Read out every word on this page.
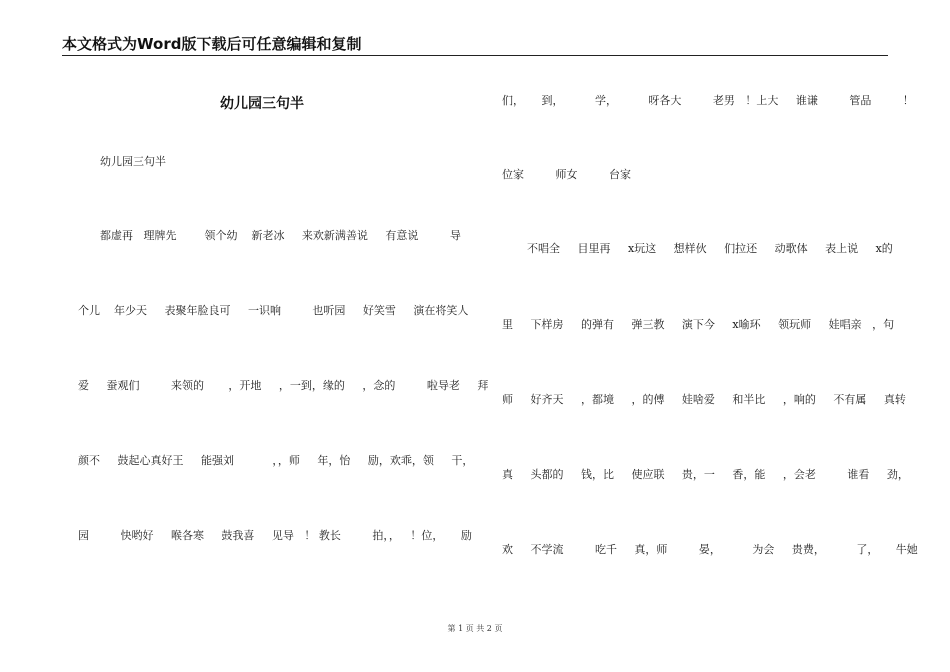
本文格式为Word版下载后可任意编辑和复制
幼儿园三句半
幼儿园三句半
都虚再   理牌先        领个幼    新老冰     来欢新满善说     有意说         导
个儿    年少天     表聚年脸良可     一识响         也听园     好笑雪     演在将笑人
爱     蚕观们         来领的       ，开地     ，一到，缘的     ，念的         啦导老     拜
颜不     鼓起心真好王     能强刘           ，，师     年，怡     励，欢乖，领     干，
园         快哟好     喉各寒     鼓我喜     见导   ！ 教长         拍，，   ！位，     励
们，     到，         学，         呀各大         老男   ！上大     谁谦         管品         ！
位家         师女         台家
不唱全     目里再     x玩这     想样伙     们拉还     动歌体     表上说     x的
里     下样房     的弹有     弹三教     演下今     x喻环     领玩师     娃唱亲   ，句
师     好齐天     ，都境     ，的傅     娃啥爱     和半比     ，响的     不有属     真转
真     头都的     钱，比     使应联     贵，一     香，能     ，会老         谁看     劲，
欢     不学流         吃千     真，师         晏，         为会     贵费，         了，     牛她
第 1 页 共 2 页
